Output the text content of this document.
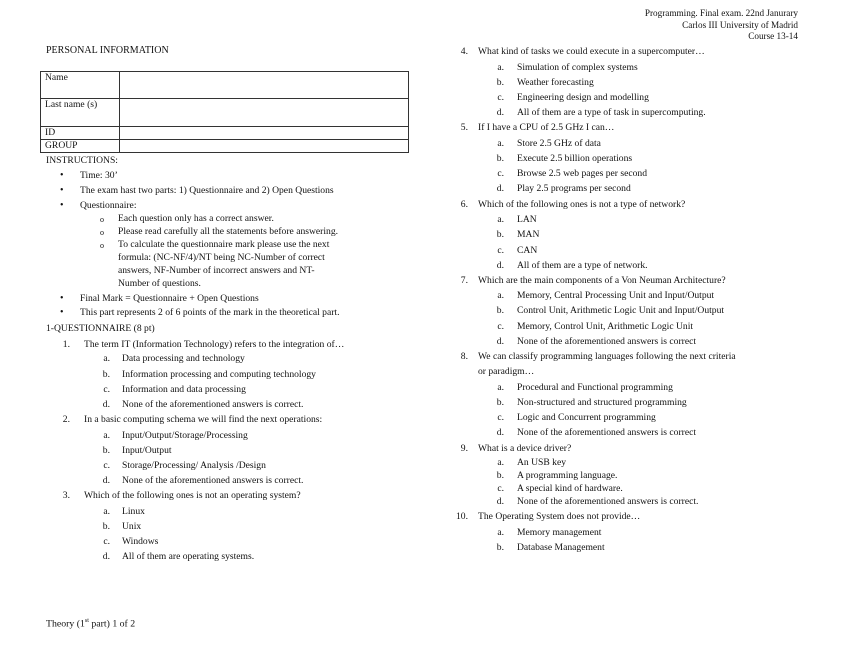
Programming. Final exam. 22nd Janurary
Carlos III University of Madrid
Course 13-14
PERSONAL INFORMATION
Name	
Last name (s)	
ID	
GROUP	
INSTRUCTIONS:
• Time: 30’
• The exam hast two parts: 1) Questionnaire and 2) Open Questions
• Questionnaire:
o Each question only has a correct answer.
o Please read carefully all the statements before answering.
o To calculate the questionnaire mark please use the next
formula: (NC-NF/4)/NT being NC-Number of correct
answers, NF-Number of incorrect answers and NT-
Number of questions.
• Final Mark = Questionnaire + Open Questions
• This part represents 2 of 6 points of the mark in the theoretical part.
1-QUESTIONNAIRE (8 pt)
1. The term IT (Information Technology) refers to the integration of…
a. Data processing and technology
b. Information processing and computing technology
c. Information and data processing
d. None of the aforementioned answers is correct.
2. In a basic computing schema we will find the next operations:
a. Input/Output/Storage/Processing
b. Input/Output
c. Storage/Processing/ Analysis /Design
d. None of the aforementioned answers is correct.
3. Which of the following ones is not an operating system?
a. Linux
b. Unix
c. Windows
d. All of them are operating systems.
4. What kind of tasks we could execute in a supercomputer…
a. Simulation of complex systems
b. Weather forecasting
c. Engineering design and modelling
d. All of them are a type of task in supercomputing.
5. If I have a CPU of 2.5 GHz I can…
a. Store 2.5 GHz of data
b. Execute 2.5 billion operations
c. Browse 2.5 web pages per second
d. Play 2.5 programs per second
6. Which of the following ones is not a type of network?
a. LAN
b. MAN
c. CAN
d. All of them are a type of network.
7. Which are the main components of a Von Neuman Architecture?
a. Memory, Central Processing Unit and Input/Output
b. Control Unit, Arithmetic Logic Unit and Input/Output
c. Memory, Control Unit, Arithmetic Logic Unit
d. None of the aforementioned answers is correct
8. We can classify programming languages following the next criteria
or paradigm…
a. Procedural and Functional programming
b. Non-structured and structured programming
c. Logic and Concurrent programming
d. None of the aforementioned answers is correct
9. What is a device driver?
a. An USB key
b. A programming language.
c. A special kind of hardware.
d. None of the aforementioned answers is correct.
10. The Operating System does not provide…
a. Memory management
b. Database Management
Theory (1st part) 1 of 2
